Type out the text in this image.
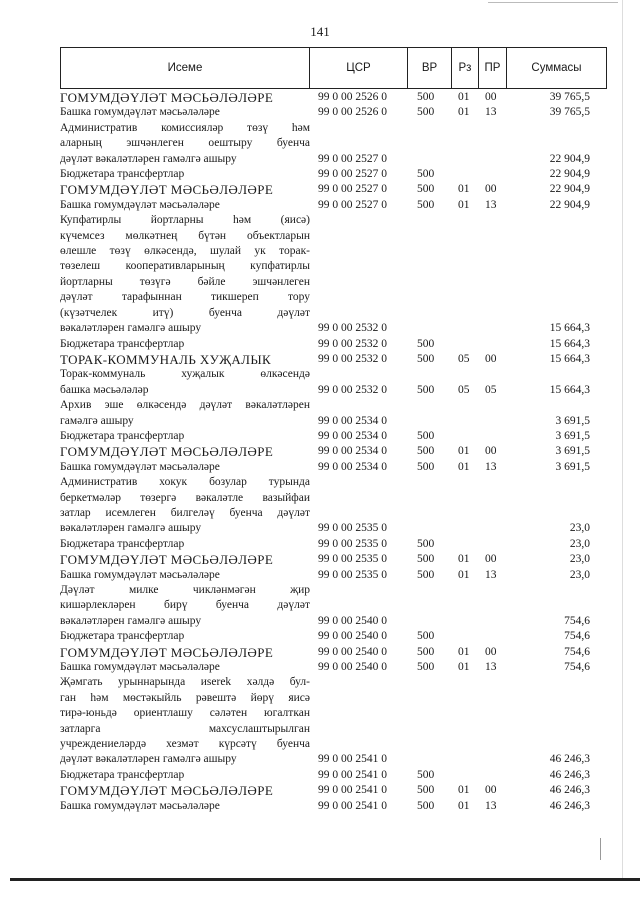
141
Исеме	ЦСР	ВР	Рз	ПР	Суммасы
ГОМУМДӘҮЛӘТ МӘСЬӘЛӘЛӘРЕ	99 0 00 2526 0	500 01 00	39 765,5
Башка гомумдәүләт мәсьәләләре	99 0 00 2526 0	500 01 13	39 765,5
Административ комиссияләр төзү һәм
аларның эшчәнлеген оештыру буенча
дәүләт вәкаләтләрен гамәлгә ашыру	99 0 00 2527 0	22 904,9
Бюджетара трансфертлар	99 0 00 2527 0	500	22 904,9
ГОМУМДӘҮЛӘТ МӘСЬӘЛӘЛӘРЕ	99 0 00 2527 0	500 01 00	22 904,9
Башка гомумдәүләт мәсьәләләре	99 0 00 2527 0	500 01 13	22 904,9
Купфатирлы йортларны һәм (яисә)
күчемсез мөлкәтнең бүтән объектларын
өлешле төзү өлкәсендә, шулай ук торак-
төзелеш кооперативларының купфатирлы
йортларны төзүгә бәйле эшчәнлеген
дәүләт тарафыннан тикшереп тору
(күзәтчелек итү) буенча дәүләт
вәкаләтләрен гамәлгә ашыру	99 0 00 2532 0	15 664,3
Бюджетара трансфертлар	99 0 00 2532 0	500	15 664,3
ТОРАК-КОММУНАЛЬ ХУҖАЛЫК	99 0 00 2532 0	500 05 00	15 664,3
Торак-коммуналь хуҗалык өлкәсендә
башка мәсьәләләр	99 0 00 2532 0	500 05 05	15 664,3
Архив эше өлкәсендә дәүләт вәкаләтләрен
гамәлгә ашыру	99 0 00 2534 0	3 691,5
Бюджетара трансфертлар	99 0 00 2534 0	500	3 691,5
ГОМУМДӘҮЛӘТ МӘСЬӘЛӘЛӘРЕ	99 0 00 2534 0	500 01 00	3 691,5
Башка гомумдәүләт мәсьәләләре	99 0 00 2534 0	500 01 13	3 691,5
Административ хокук бозулар турында
беркетмәләр төзергә вәкаләтле вазыйфаи
затлар исемлеген билгеләү буенча дәүләт
вәкаләтләрен гамәлгә ашыру	99 0 00 2535 0	23,0
Бюджетара трансфертлар	99 0 00 2535 0	500	23,0
ГОМУМДӘҮЛӘТ МӘСЬӘЛӘЛӘРЕ	99 0 00 2535 0	500 01 00	23,0
Башка гомумдәүләт мәсьәләләре	99 0 00 2535 0	500 01 13	23,0
Дәүләт милке чикләнмәгән җир
кишәрлекләрен бирү буенча дәүләт
вәкаләтләрен гамәлгә ашыру	99 0 00 2540 0	754,6
Бюджетара трансфертлар	99 0 00 2540 0	500	754,6
ГОМУМДӘҮЛӘТ МӘСЬӘЛӘЛӘРЕ	99 0 00 2540 0	500 01 00	754,6
Башка гомумдәүләт мәсьәләләре	99 0 00 2540 0	500 01 13	754,6
Җәмгать урыннарында иserek хәлдә бул-
ган һәм мөстәкыйль рәвештә йөрү яисә
тирә-юньдә ориентлашу сәләтен югалткан
затларга махсуслаштырылган
учреждениеләрдә хезмәт күрсәтү буенча
дәүләт вәкаләтләрен гамәлгә ашыру	99 0 00 2541 0	46 246,3
Бюджетара трансфертлар	99 0 00 2541 0	500	46 246,3
ГОМУМДӘҮЛӘТ МӘСЬӘЛӘЛӘРЕ	99 0 00 2541 0	500 01 00	46 246,3
Башка гомумдәүләт мәсьәләләре	99 0 00 2541 0	500 01 13	46 246,3
